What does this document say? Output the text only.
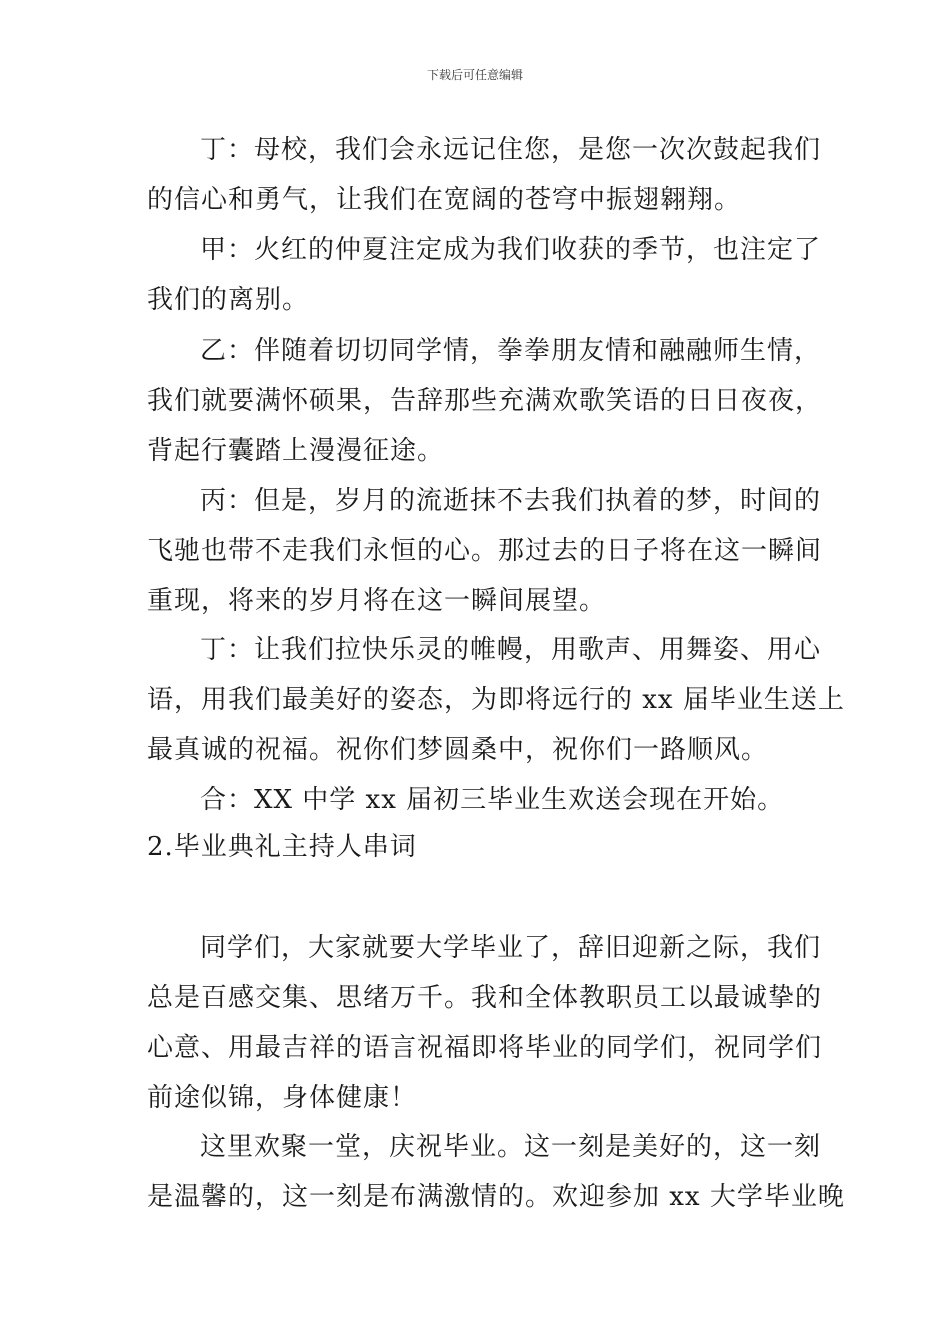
下载后可任意编辑
丁：母校，我们会永远记住您，是您一次次鼓起我们
的信心和勇气，让我们在宽阔的苍穹中振翅翱翔。
甲：火红的仲夏注定成为我们收获的季节，也注定了
我们的离别。
乙：伴随着切切同学情，拳拳朋友情和融融师生情，
我们就要满怀硕果，告辞那些充满欢歌笑语的日日夜夜，
背起行囊踏上漫漫征途。
丙：但是，岁月的流逝抹不去我们执着的梦，时间的
飞驰也带不走我们永恒的心。那过去的日子将在这一瞬间
重现，将来的岁月将在这一瞬间展望。
丁：让我们拉快乐灵的帷幔，用歌声、用舞姿、用心
语，用我们最美好的姿态，为即将远行的 xx 届毕业生送上
最真诚的祝福。祝你们梦圆桑中，祝你们一路顺风。
合：XX 中学 xx 届初三毕业生欢送会现在开始。
2.毕业典礼主持人串词
同学们，大家就要大学毕业了，辞旧迎新之际，我们
总是百感交集、思绪万千。我和全体教职员工以最诚挚的
心意、用最吉祥的语言祝福即将毕业的同学们，祝同学们
前途似锦，身体健康！
这里欢聚一堂，庆祝毕业。这一刻是美好的，这一刻
是温馨的，这一刻是布满激情的。欢迎参加 xx 大学毕业晚
